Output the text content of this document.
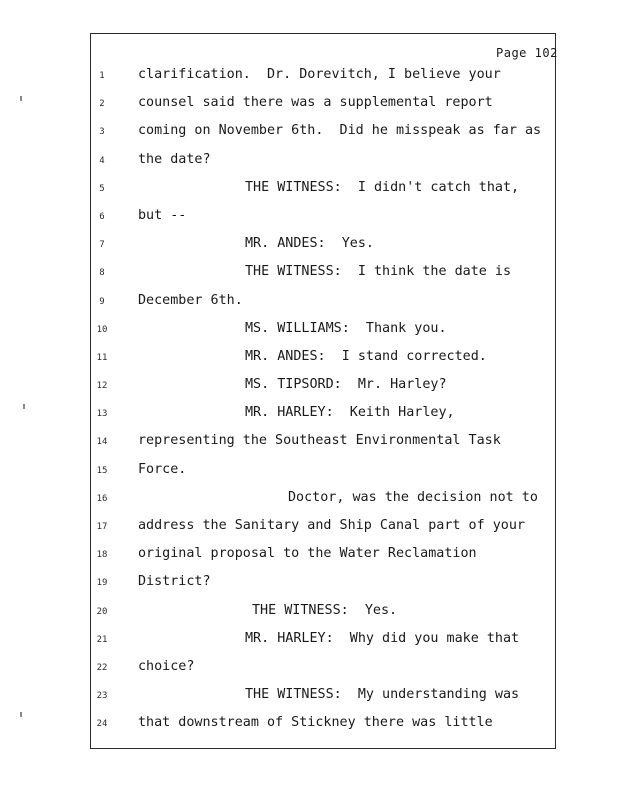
Page 102
1	clarification.  Dr. Dorevitch, I believe your
2	counsel said there was a supplemental report
3	coming on November 6th.  Did he misspeak as far as
4	the date?
5	THE WITNESS:  I didn't catch that,
6	but --
7	MR. ANDES:  Yes.
8	THE WITNESS:  I think the date is
9	December 6th.
10	MS. WILLIAMS:  Thank you.
11	MR. ANDES:  I stand corrected.
12	MS. TIPSORD:  Mr. Harley?
13	MR. HARLEY:  Keith Harley,
14	representing the Southeast Environmental Task
15	Force.
16	Doctor, was the decision not to
17	address the Sanitary and Ship Canal part of your
18	original proposal to the Water Reclamation
19	District?
20	THE WITNESS:  Yes.
21	MR. HARLEY:  Why did you make that
22	choice?
23	THE WITNESS:  My understanding was
24	that downstream of Stickney there was little
